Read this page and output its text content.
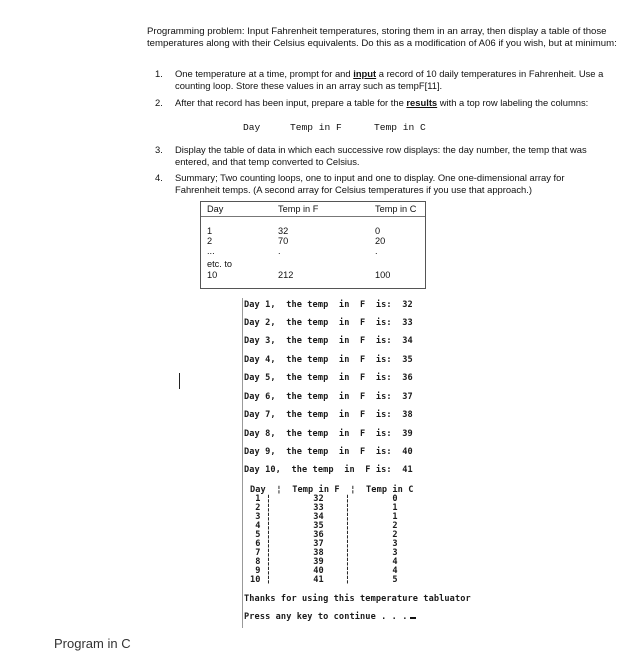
Programming problem: Input Fahrenheit temperatures, storing them in an array, then display a table of those temperatures along with their Celsius equivalents. Do this as a modification of A06 if you wish, but at minimum:
1.	One temperature at a time, prompt for and input a record of 10 daily temperatures in Fahrenheit. Use a counting loop. Store these values in an array such as tempF[11].
2.	After that record has been input, prepare a table for the results with a top row labeling the columns:
3.	Display the table of data in which each successive row displays: the day number, the temp that was entered, and that temp converted to Celsius.
4.	Summary; Two counting loops, one to input and one to display. One one-dimensional array for Fahrenheit temps. (A second array for Celsius temperatures if you use that approach.)
Day	Temp in F	Temp in C
Day	Temp in F	Temp in C
1	32	0
2	70	20
...	.	.
etc. to
10	212	100
Day 1,  the temp  in  F  is:  32
Day 2,  the temp  in  F  is:  33
Day 3,  the temp  in  F  is:  34
Day 4,  the temp  in  F  is:  35
Day 5,  the temp  in  F  is:  36
Day 6,  the temp  in  F  is:  37
Day 7,  the temp  in  F  is:  38
Day 8,  the temp  in  F  is:  39
Day 9,  the temp  in  F  is:  40
Day 10,  the temp  in  F is:  41
Day  ¦  Temp in F  ¦  Temp in C
1 ¦        32    ¦        0
2 ¦        33    ¦        1
3 ¦        34    ¦        1
4 ¦        35    ¦        2
5 ¦        36    ¦        2
6 ¦        37    ¦        3
7 ¦        38    ¦        3
8 ¦        39    ¦        4
9 ¦        40    ¦        4
10 ¦        41    ¦        5
Thanks for using this temperature tabluator
Press any key to continue . . .
Program in C
